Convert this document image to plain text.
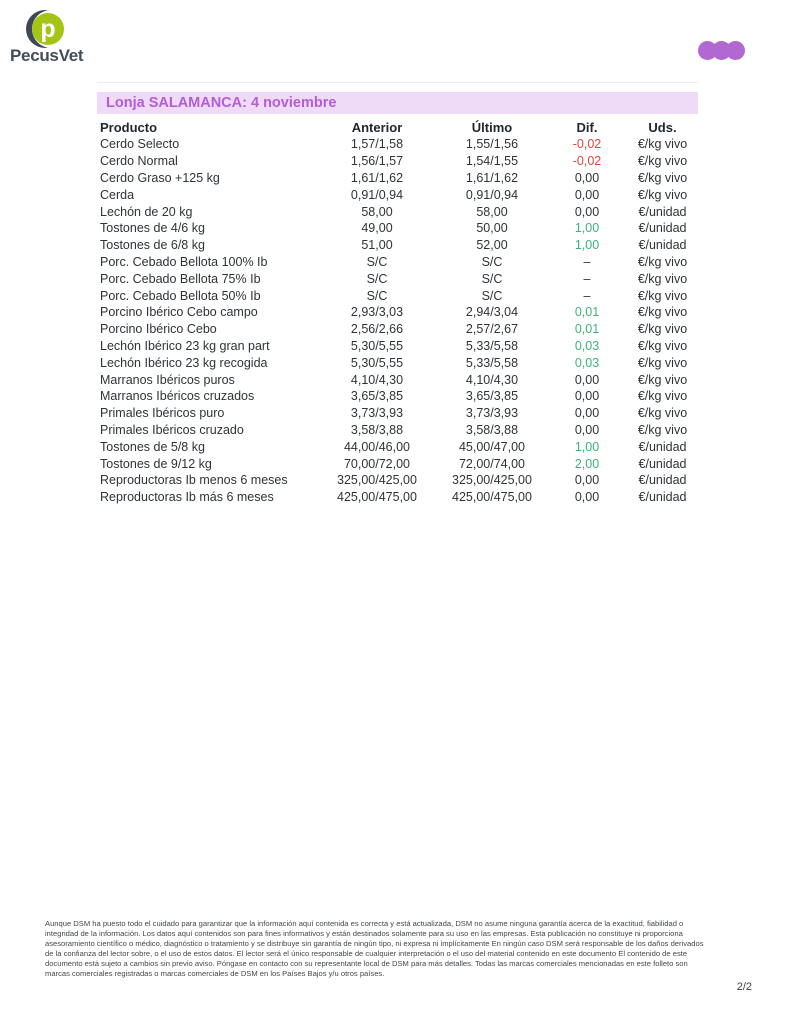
p
PecusVet
Lonja SALAMANCA: 4 noviembre
Producto	Anterior	Último	Dif.	Uds.
Cerdo Selecto	1,57/1,58	1,55/1,56	-0,02	€/kg vivo
Cerdo Normal	1,56/1,57	1,54/1,55	-0,02	€/kg vivo
Cerdo Graso +125 kg	1,61/1,62	1,61/1,62	0,00	€/kg vivo
Cerda	0,91/0,94	0,91/0,94	0,00	€/kg vivo
Lechón de 20 kg	58,00	58,00	0,00	€/unidad
Tostones de 4/6 kg	49,00	50,00	1,00	€/unidad
Tostones de 6/8 kg	51,00	52,00	1,00	€/unidad
Porc. Cebado Bellota 100% Ib	S/C	S/C	–	€/kg vivo
Porc. Cebado Bellota 75% Ib	S/C	S/C	–	€/kg vivo
Porc. Cebado Bellota 50% Ib	S/C	S/C	–	€/kg vivo
Porcino Ibérico Cebo campo	2,93/3,03	2,94/3,04	0,01	€/kg vivo
Porcino Ibérico Cebo	2,56/2,66	2,57/2,67	0,01	€/kg vivo
Lechón Ibérico 23 kg gran part	5,30/5,55	5,33/5,58	0,03	€/kg vivo
Lechón Ibérico 23 kg recogida	5,30/5,55	5,33/5,58	0,03	€/kg vivo
Marranos Ibéricos puros	4,10/4,30	4,10/4,30	0,00	€/kg vivo
Marranos Ibéricos cruzados	3,65/3,85	3,65/3,85	0,00	€/kg vivo
Primales Ibéricos puro	3,73/3,93	3,73/3,93	0,00	€/kg vivo
Primales Ibéricos cruzado	3,58/3,88	3,58/3,88	0,00	€/kg vivo
Tostones de 5/8 kg	44,00/46,00	45,00/47,00	1,00	€/unidad
Tostones de 9/12 kg	70,00/72,00	72,00/74,00	2,00	€/unidad
Reproductoras Ib menos 6 meses	325,00/425,00	325,00/425,00	0,00	€/unidad
Reproductoras Ib más 6 meses	425,00/475,00	425,00/475,00	0,00	€/unidad

Aunque DSM ha puesto todo el cuidado para garantizar que la información aquí contenida es correcta y está actualizada, DSM no asume ninguna garantía acerca de la exactitud, fiabilidad o integridad de la información. Los datos aquí contenidos son para fines informativos y están destinados solamente para su uso en las empresas. Esta publicación no constituye ni proporciona asesoramiento científico o médico, diagnóstico o tratamiento y se distribuye sin garantía de ningún tipo, ni expresa ni implícitamente En ningún caso DSM será responsable de los daños derivados de la confianza del lector sobre, o el uso de estos datos. El lector será el único responsable de cualquier interpretación o el uso del material contenido en este documento El contenido de este documento está sujeto a cambios sin previo aviso. Póngase en contacto con su representante local de DSM para más detalles. Todas las marcas comerciales mencionadas en este folleto son marcas comerciales registradas o marcas comerciales de DSM en los Países Bajos y/u otros países.

2/2
